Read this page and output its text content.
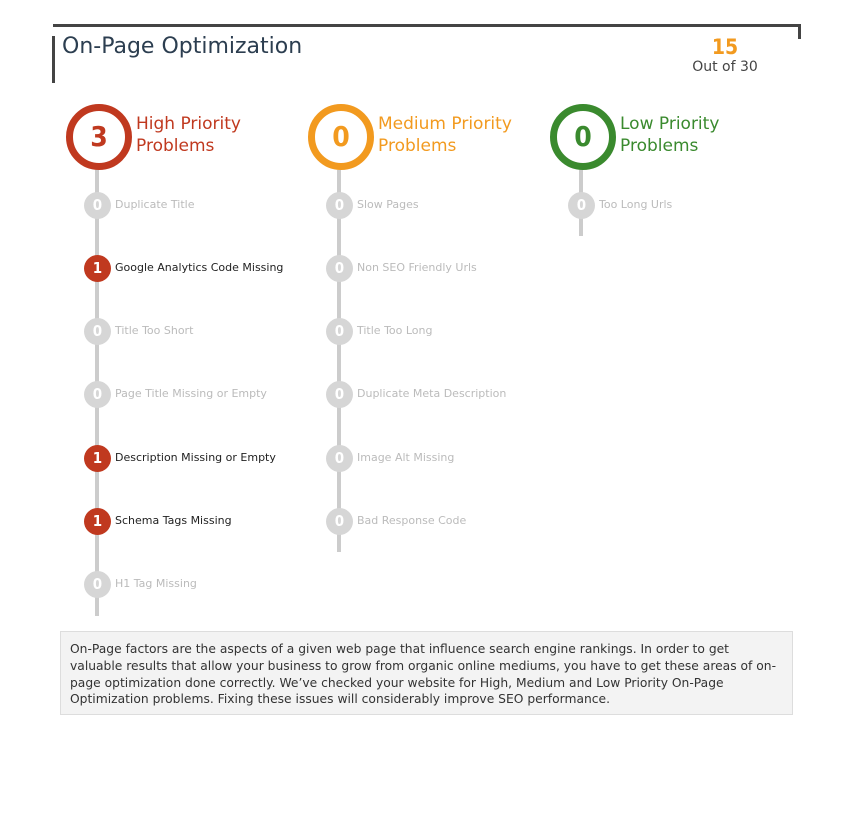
On-Page Optimization	15
Out of 30
3	High Priority Problems
0	Duplicate Title
1	Google Analytics Code Missing
0	Title Too Short
0	Page Title Missing or Empty
1	Description Missing or Empty
1	Schema Tags Missing
0	H1 Tag Missing
0	Medium Priority Problems
0	Slow Pages
0	Non SEO Friendly Urls
0	Title Too Long
0	Duplicate Meta Description
0	Image Alt Missing
0	Bad Response Code
0	Low Priority Problems
0	Too Long Urls
On-Page factors are the aspects of a given web page that influence search engine rankings. In order to get valuable results that allow your business to grow from organic online mediums, you have to get these areas of on-page optimization done correctly. We’ve checked your website for High, Medium and Low Priority On-Page Optimization problems. Fixing these issues will considerably improve SEO performance.
